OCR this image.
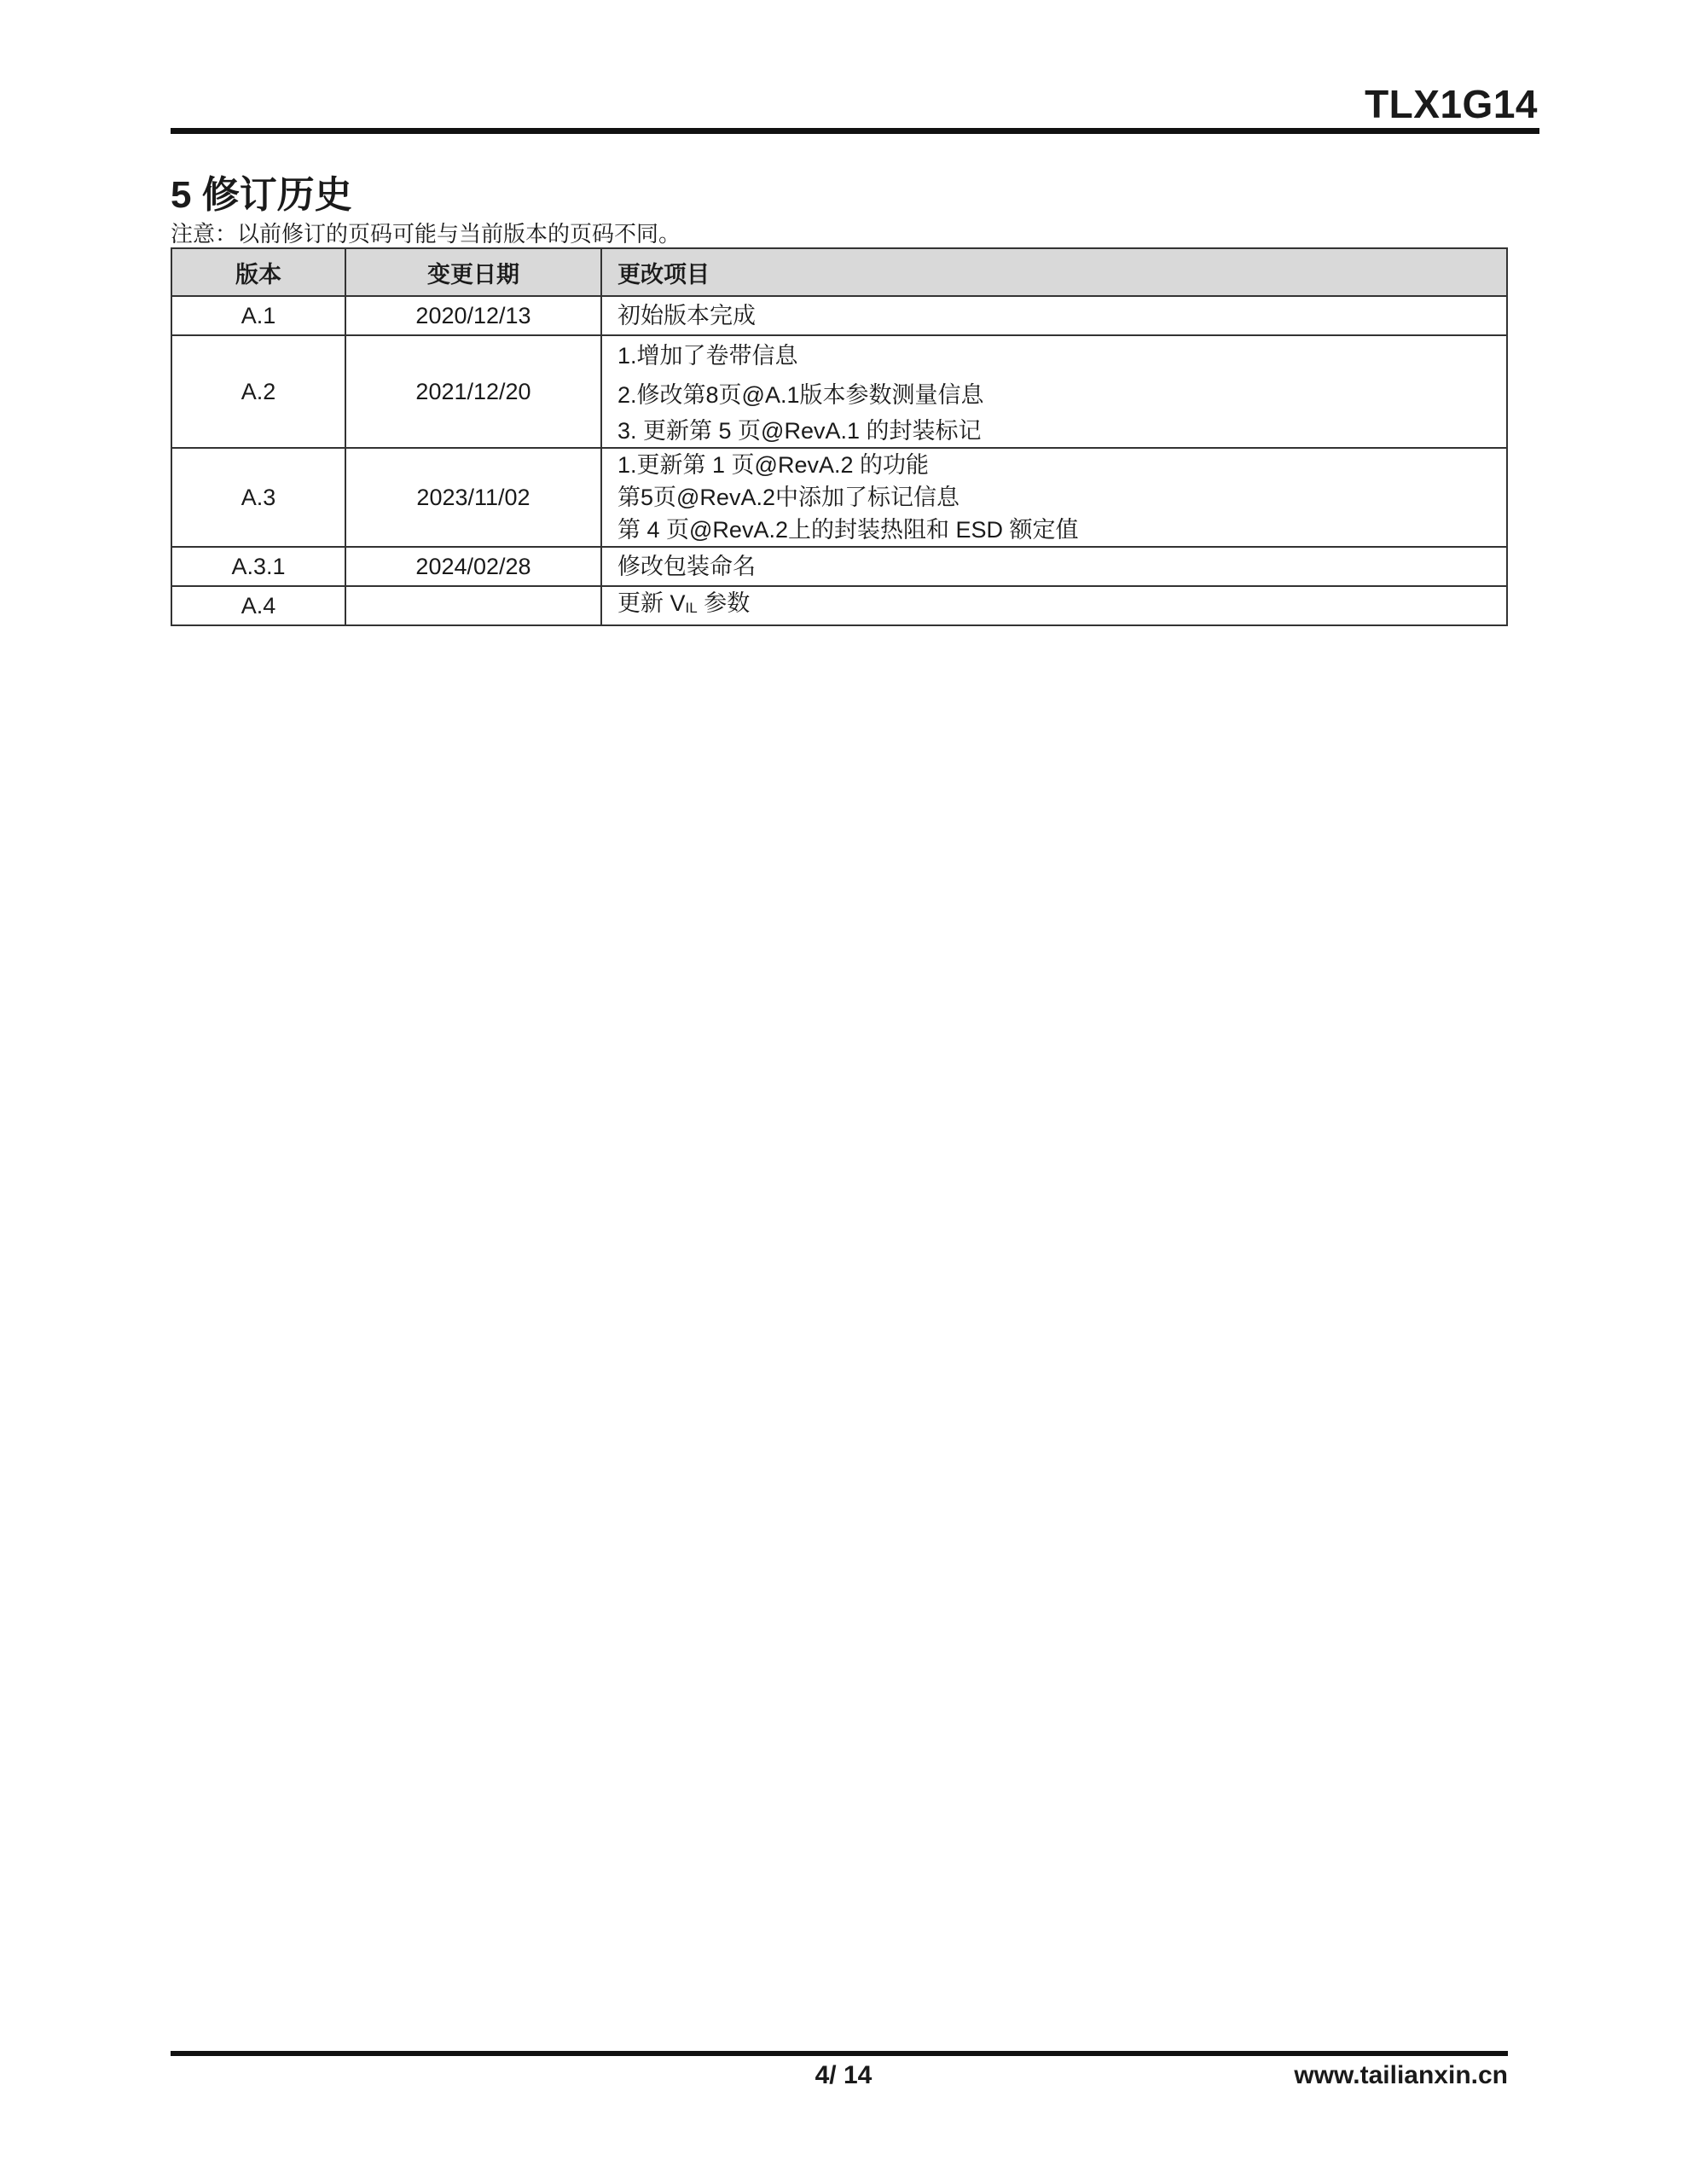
TLX1G14
5 修订历史
注意：以前修订的页码可能与当前版本的页码不同。
版本	变更日期	更改项目
A.1	2020/12/13	初始版本完成

A.2	2021/12/20	1.增加了卷带信息
2.修改第8页@A.1版本参数测量信息
3. 更新第 5 页@RevA.1 的封装标记

A.3	2023/11/02	1.更新第 1 页@RevA.2 的功能
第5页@RevA.2中添加了标记信息
第 4 页@RevA.2上的封装热阻和 ESD 额定值

A.3.1	2024/02/28	修改包装命名

A.4		更新 $V_{IL}$ 参数
4/ 14	www.tailianxin.cn
